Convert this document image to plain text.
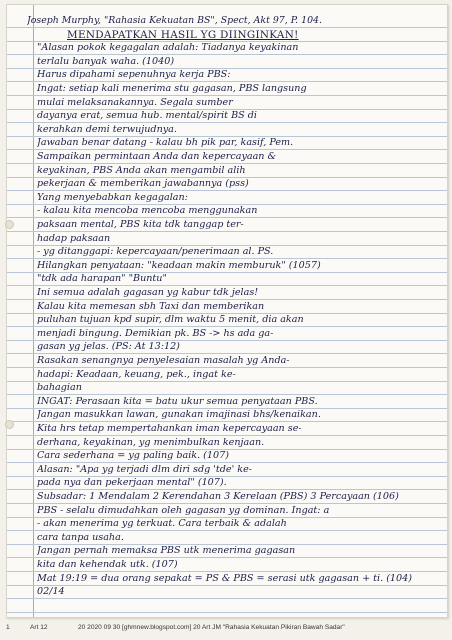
Joseph Murphy, "Rahasia Kekuatan BS", Spect, Akt 97, P. 104.
MENDAPATKAN HASIL YG DIINGINKAN!
"Alasan pokok kegagalan adalah: Tiadanya keyakinan
terlalu banyak waha. (1040)
Harus dipahami sepenuhnya kerja PBS:
Ingat: setiap kali menerima stu gagasan, PBS langsung
mulai melaksanakannya. Segala sumber
dayanya erat, semua hub. mental/spirit BS di
kerahkan demi terwujudnya.
Jawaban benar datang - kalau bh pik par, kasif, Pem.
Sampaikan permintaan Anda dan kepercayaan &
keyakinan, PBS Anda akan mengambil alih
pekerjaan & memberikan jawabannya (pss)
Yang menyebabkan kegagalan:
- kalau kita mencoba mencoba menggunakan
paksaan mental, PBS kita tdk tanggap ter-
hadap paksaan
- yg ditanggapi: kepercayaan/penerimaan al. PS.
Hilangkan penyataan: "keadaan makin memburuk" (1057)
"tdk ada harapan" "Buntu"
Ini semua adalah gagasan yg kabur tdk jelas!
Kalau kita memesan sbh Taxi dan memberikan
puluhan tujuan kpd supir, dlm waktu 5 menit, dia akan
menjadi bingung. Demikian pk. BS -> hs ada ga-
gasan yg jelas. (PS: At 13:12)
Rasakan senangnya penyelesaian masalah yg Anda-
hadapi: Keadaan, keuang, pek., ingat ke-
bahagian
INGAT: Perasaan kita = batu ukur semua penyataan PBS.
Jangan masukkan lawan, gunakan imajinasi bhs/kenaikan.
Kita hrs tetap mempertahankan iman kepercayaan se-
derhana, keyakinan, yg menimbulkan kenjaan.
Cara sederhana = yg paling baik. (107)
Alasan: "Apa yg terjadi dlm diri sdg 'tde' ke-
pada nya dan pekerjaan mental" (107).
Subsadar: 1 Mendalam 2 Kerendahan 3 Kerelaan (PBS) 3 Percayaan (106)
PBS - selalu dimudahkan oleh gagasan yg dominan. Ingat: a
- akan menerima yg terkuat. Cara terbaik & adalah
cara tanpa usaha.
Jangan pernah memaksa PBS utk menerima gagasan
kita dan kehendak utk. (107)
Mat 19:19 = dua orang sepakat = PS & PBS = serasi utk gagasan + ti. (104)
02/14
1	Art 12	20 2020 09 30 [ghmnew.blogspot.com] 20 Art JM "Rahasia Kekuatan Pikiran Bawah Sadar"
